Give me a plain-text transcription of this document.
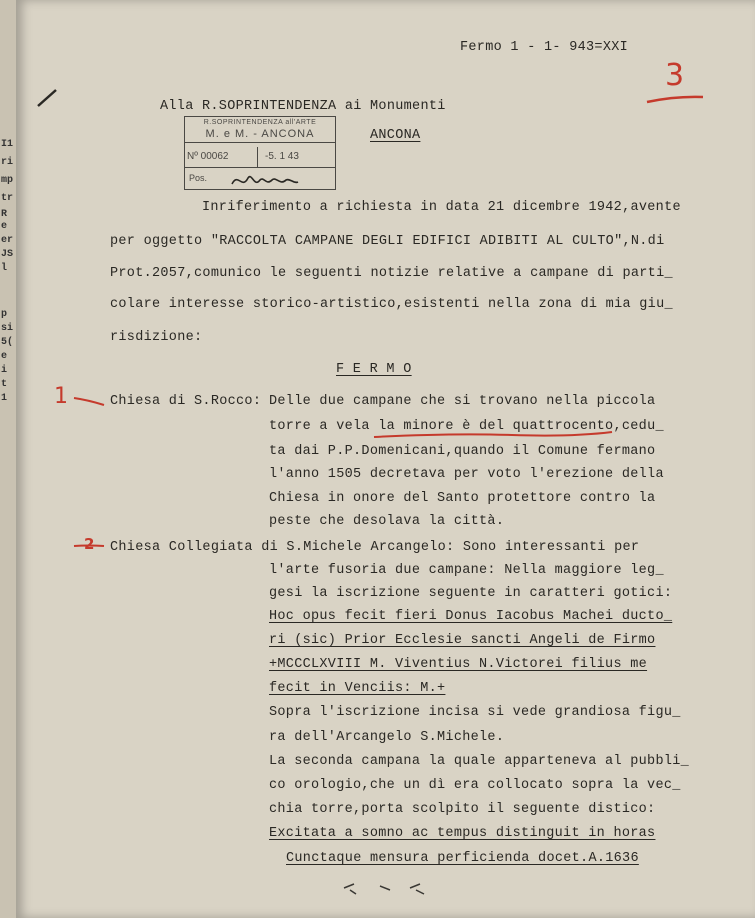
I1
ri
mp
tr
R
e
er
JS
l
p
si
5(
e
i
t
1
Fermo 1 - 1- 943=XXI
3
Alla R.SOPRINTENDENZA ai Monumenti
ANCONA
R.SOPRINTENDENZA all'ARTE
M. e M. - ANCONA
Nº 00062	-5. 1 43
Pos.
Inriferimento a richiesta in data 21 dicembre 1942,avente
per oggetto "RACCOLTA CAMPANE DEGLI EDIFICI ADIBITI AL CULTO",N.di
Prot.2057,comunico le seguenti notizie relative a campane di parti_
colare interesse storico-artistico,esistenti nella zona di mia giu_
risdizione:
F E R M O
1
2
Chiesa di S.Rocco: Delle due campane che si trovano nella piccola
torre a vela la minore è del quattrocento,cedu_
ta dai P.P.Domenicani,quando il Comune fermano
l'anno 1505 decretava per voto l'erezione della
Chiesa in onore del Santo protettore contro la
peste che desolava la città.
Chiesa Collegiata di S.Michele Arcangelo: Sono interessanti per
l'arte fusoria due campane: Nella maggiore leg_
gesi la iscrizione seguente in caratteri gotici:
Hoc opus fecit fieri Donus Iacobus Machei ducto_
ri (sic) Prior Ecclesie sancti Angeli de Firmo
+MCCCLXVIII M. Viventius N.Victorei filius me
fecit in Venciis: M.+
Sopra l'iscrizione incisa si vede grandiosa figu_
ra dell'Arcangelo S.Michele.
La seconda campana la quale apparteneva al pubbli_
co orologio,che un dì era collocato sopra la vec_
chia torre,porta scolpito il seguente distico:
Excitata a somno ac tempus distinguit in horas
Cunctaque mensura perficienda docet.A.1636
